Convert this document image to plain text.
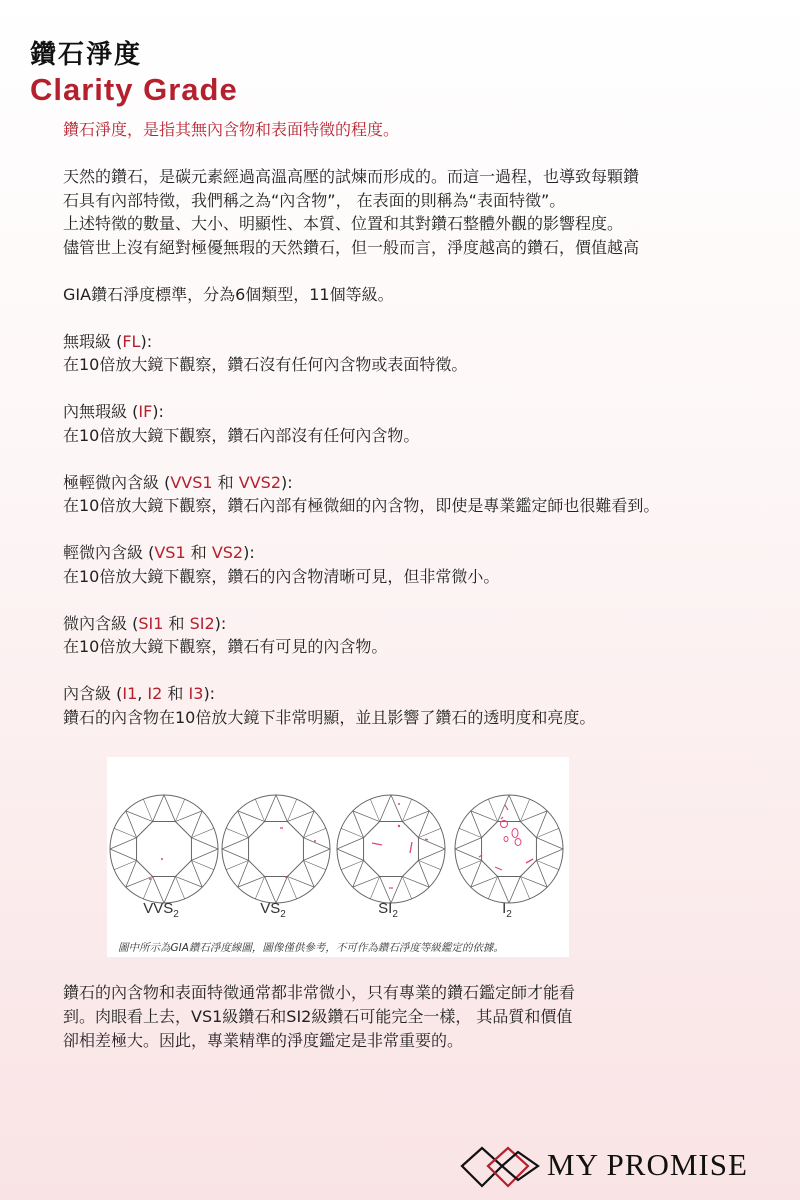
鑽石淨度
Clarity Grade

鑽石淨度，是指其無內含物和表面特徵的程度。

天然的鑽石，是碳元素經過高溫高壓的試煉而形成的。而這一過程，也導致每顆鑽

石具有內部特徵，我們稱之為“內含物”， 在表面的則稱為“表面特徵”。

上述特徵的數量、大小、明顯性、本質、位置和其對鑽石整體外觀的影響程度。

儘管世上沒有絕對極優無瑕的天然鑽石，但一般而言，淨度越高的鑽石，價值越高

GIA鑽石淨度標準，分為6個類型，11個等級。

無瑕級 (FL):

在10倍放大鏡下觀察，鑽石沒有任何內含物或表面特徵。

內無瑕級 (IF):

在10倍放大鏡下觀察，鑽石內部沒有任何內含物。

極輕微內含級 (VVS1 和 VVS2):

在10倍放大鏡下觀察，鑽石內部有極微細的內含物，即使是專業鑑定師也很難看到。

輕微內含級 (VS1 和 VS2):

在10倍放大鏡下觀察，鑽石的內含物清晰可見，但非常微小。

微內含級 (SI1 和 SI2):

在10倍放大鏡下觀察，鑽石有可見的內含物。

內含級 (I1, I2 和 I3):

鑽石的內含物在10倍放大鏡下非常明顯，並且影響了鑽石的透明度和亮度。

$VVS_2$	$VS_2$	$SI_2$	$I_2$
圖中所示為GIA鑽石淨度線圖，圖像僅供參考，不可作為鑽石淨度等級鑑定的依據。

鑽石的內含物和表面特徵通常都非常微小，只有專業的鑽石鑑定師才能看

到。肉眼看上去，VS1級鑽石和SI2級鑽石可能完全一樣， 其品質和價值

卻相差極大。因此，專業精準的淨度鑑定是非常重要的。

MY PROMISE
